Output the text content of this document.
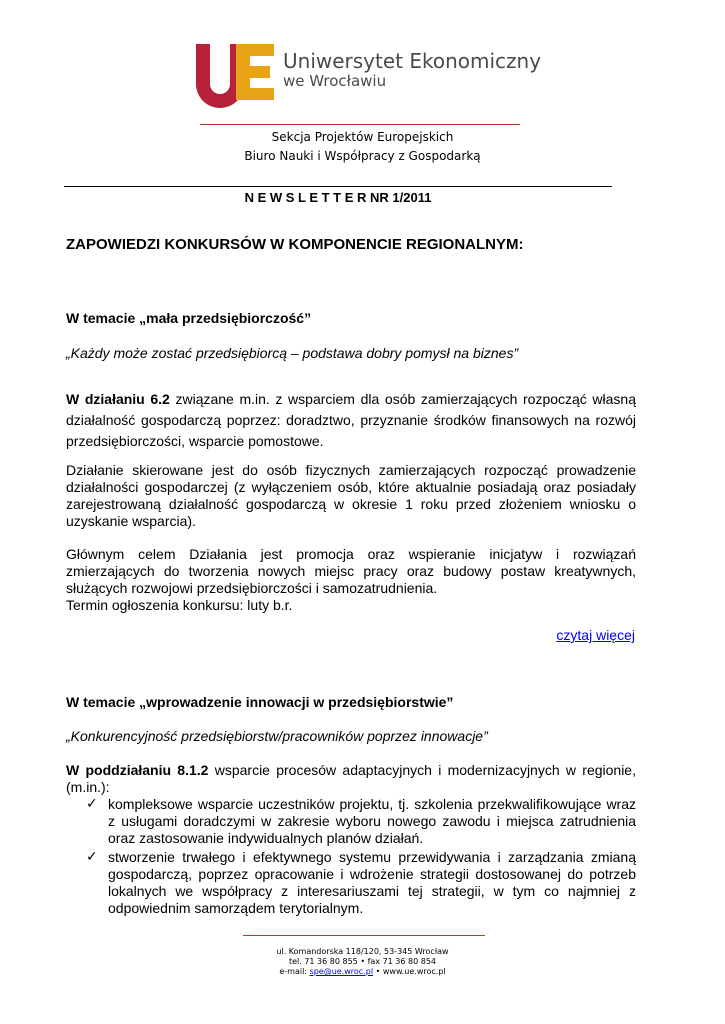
Uniwersytet Ekonomiczny
we Wrocławiu
Sekcja Projektów Europejskich
Biuro Nauki i Współpracy z Gospodarką
N E W S L E T T E R NR 1/2011
ZAPOWIEDZI KONKURSÓW W KOMPONENCIE REGIONALNYM:
W temacie „mała przedsiębiorczość”
„Każdy może zostać przedsiębiorcą – podstawa dobry pomysł na biznes”
W działaniu 6.2 związane m.in. z wsparciem dla osób zamierzających rozpocząć własną działalność gospodarczą poprzez: doradztwo, przyznanie środków finansowych na rozwój przedsiębiorczości, wsparcie pomostowe.
Działanie skierowane jest do osób fizycznych zamierzających rozpocząć prowadzenie działalności gospodarczej (z wyłączeniem osób, które aktualnie posiadają oraz posiadały zarejestrowaną działalność gospodarczą w okresie 1 roku przed złożeniem wniosku o uzyskanie wsparcia).
Głównym celem Działania jest promocja oraz wspieranie inicjatyw i rozwiązań zmierzających do tworzenia nowych miejsc pracy oraz budowy postaw kreatywnych, służących rozwojowi przedsiębiorczości i samozatrudnienia.
Termin ogłoszenia konkursu: luty b.r.
czytaj więcej
W temacie „wprowadzenie innowacji w przedsiębiorstwie”
„Konkurencyjność przedsiębiorstw/pracowników poprzez innowacje”
W poddziałaniu 8.1.2 wsparcie procesów adaptacyjnych i modernizacyjnych w regionie, (m.in.):
✓ kompleksowe wsparcie uczestników projektu, tj. szkolenia przekwalifikowujące wraz z usługami doradczymi w zakresie wyboru nowego zawodu i miejsca zatrudnienia oraz zastosowanie indywidualnych planów działań.
✓ stworzenie trwałego i efektywnego systemu przewidywania i zarządzania zmianą gospodarczą, poprzez opracowanie i wdrożenie strategii dostosowanej do potrzeb lokalnych we współpracy z interesariuszami tej strategii, w tym co najmniej z odpowiednim samorządem terytorialnym.
ul. Komandorska 118/120, 53-345 Wrocław
tel. 71 36 80 855 • fax 71 36 80 854
e-mail: spe@ue.wroc.pl • www.ue.wroc.pl
